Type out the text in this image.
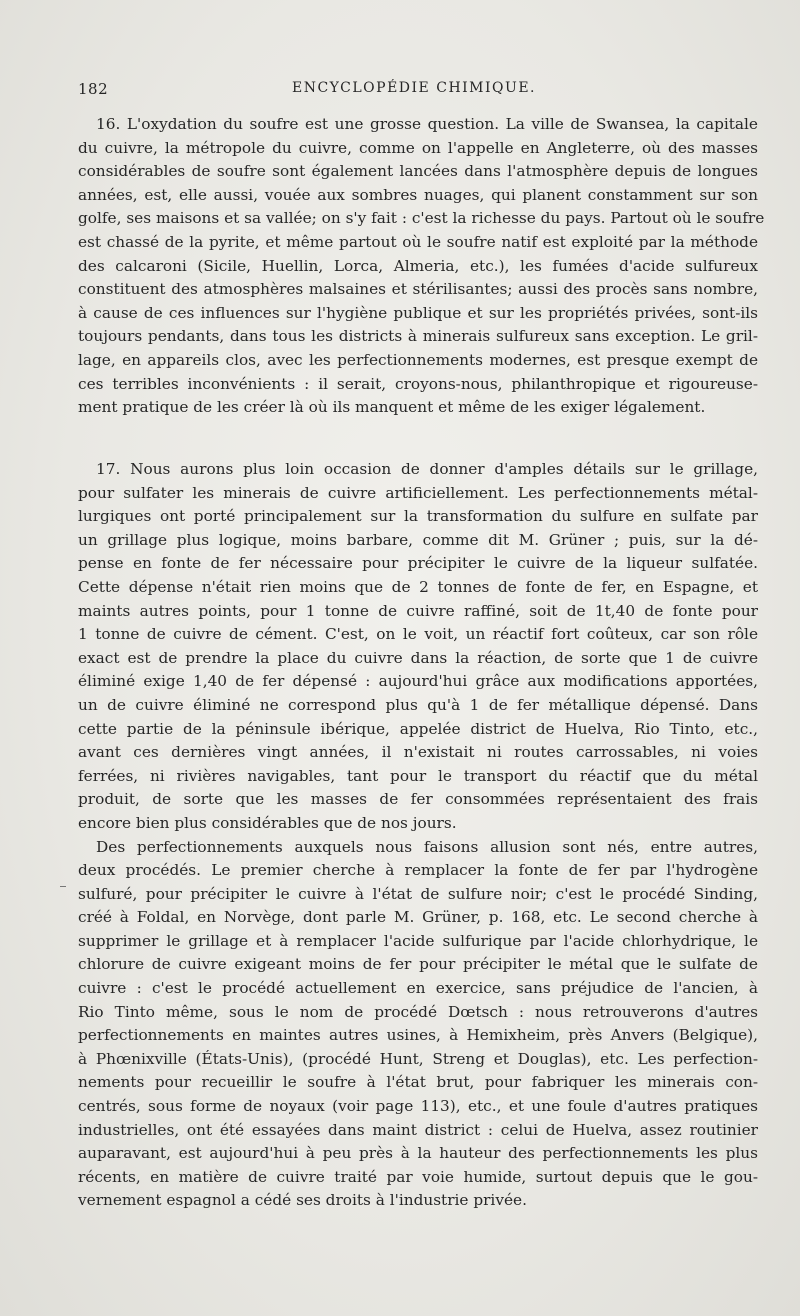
182	ENCYCLOPÉDIE CHIMIQUE.
16. L'oxydation du soufre est une grosse question. La ville de Swansea, la capitale
du cuivre, la métropole du cuivre, comme on l'appelle en Angleterre, où des masses
considérables de soufre sont également lancées dans l'atmosphère depuis de longues
années, est, elle aussi, vouée aux sombres nuages, qui planent constamment sur son
golfe, ses maisons et sa vallée; on s'y fait : c'est la richesse du pays. Partout où le soufre
est chassé de la pyrite, et même partout où le soufre natif est exploité par la méthode
des calcaroni (Sicile, Huellin, Lorca, Almeria, etc.), les fumées d'acide sulfureux
constituent des atmosphères malsaines et stérilisantes; aussi des procès sans nombre,
à cause de ces influences sur l'hygiène publique et sur les propriétés privées, sont-ils
toujours pendants, dans tous les districts à minerais sulfureux sans exception. Le gril-
lage, en appareils clos, avec les perfectionnements modernes, est presque exempt de
ces terribles inconvénients : il serait, croyons-nous, philanthropique et rigoureuse-
ment pratique de les créer là où ils manquent et même de les exiger légalement.
17. Nous aurons plus loin occasion de donner d'amples détails sur le grillage,
pour sulfater les minerais de cuivre artificiellement. Les perfectionnements métal-
lurgiques ont porté principalement sur la transformation du sulfure en sulfate par
un grillage plus logique, moins barbare, comme dit M. Grüner ; puis, sur la dé-
pense en fonte de fer nécessaire pour précipiter le cuivre de la liqueur sulfatée.
Cette dépense n'était rien moins que de 2 tonnes de fonte de fer, en Espagne, et
maints autres points, pour 1 tonne de cuivre raffiné, soit de 1t,40 de fonte pour
1 tonne de cuivre de cément. C'est, on le voit, un réactif fort coûteux, car son rôle
exact est de prendre la place du cuivre dans la réaction, de sorte que 1 de cuivre
éliminé exige 1,40 de fer dépensé : aujourd'hui grâce aux modifications apportées,
un de cuivre éliminé ne correspond plus qu'à 1 de fer métallique dépensé. Dans
cette partie de la péninsule ibérique, appelée district de Huelva, Rio Tinto, etc.,
avant ces dernières vingt années, il n'existait ni routes carrossables, ni voies
ferrées, ni rivières navigables, tant pour le transport du réactif que du métal
produit, de sorte que les masses de fer consommées représentaient des frais
encore bien plus considérables que de nos jours.
Des perfectionnements auxquels nous faisons allusion sont nés, entre autres,
deux procédés. Le premier cherche à remplacer la fonte de fer par l'hydrogène
sulfuré, pour précipiter le cuivre à l'état de sulfure noir; c'est le procédé Sinding,
créé à Foldal, en Norvège, dont parle M. Grüner, p. 168, etc. Le second cherche à
supprimer le grillage et à remplacer l'acide sulfurique par l'acide chlorhydrique, le
chlorure de cuivre exigeant moins de fer pour précipiter le métal que le sulfate de
cuivre : c'est le procédé actuellement en exercice, sans préjudice de l'ancien, à
Rio Tinto même, sous le nom de procédé Dœtsch : nous retrouverons d'autres
perfectionnements en maintes autres usines, à Hemixheim, près Anvers (Belgique),
à Phœnixville (États-Unis), (procédé Hunt, Streng et Douglas), etc. Les perfection-
nements pour recueillir le soufre à l'état brut, pour fabriquer les minerais con-
centrés, sous forme de noyaux (voir page 113), etc., et une foule d'autres pratiques
industrielles, ont été essayées dans maint district : celui de Huelva, assez routinier
auparavant, est aujourd'hui à peu près à la hauteur des perfectionnements les plus
récents, en matière de cuivre traité par voie humide, surtout depuis que le gou-
vernement espagnol a cédé ses droits à l'industrie privée.
